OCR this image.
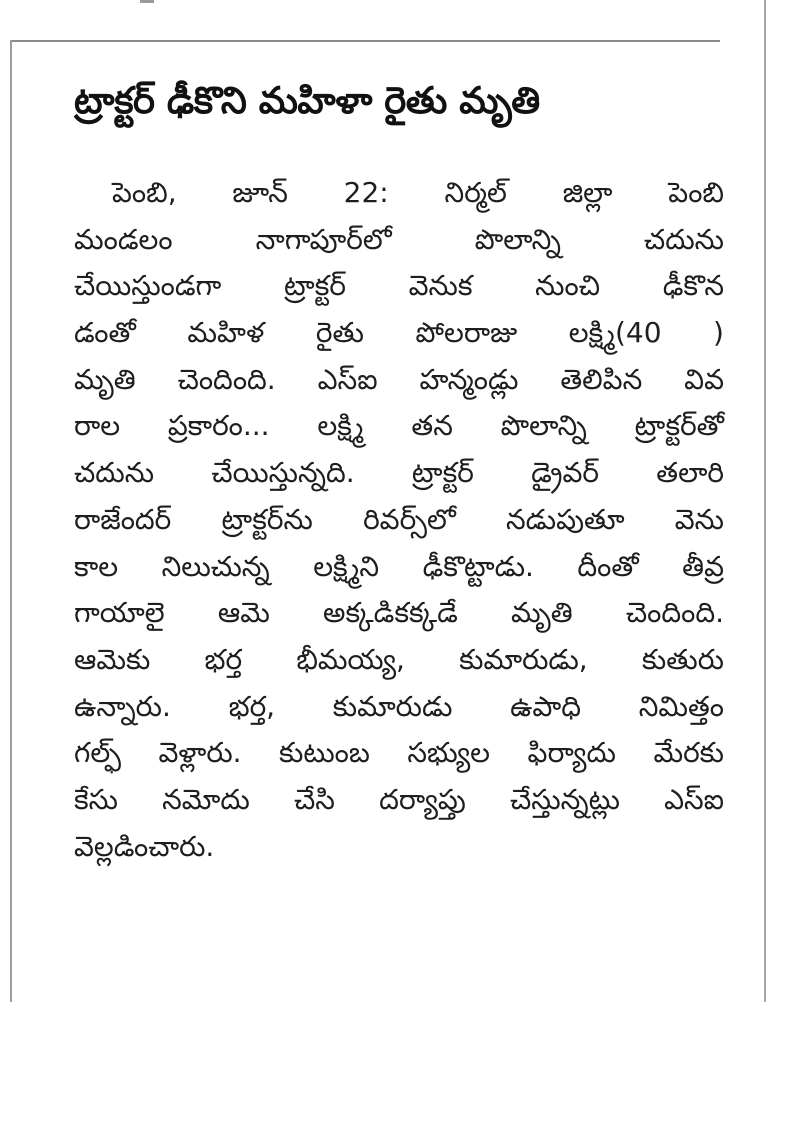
ట్రాక్టర్ ఢీకొని మహిళా రైతు మృతి
పెంబి, జూన్ 22: నిర్మల్ జిల్లా పెంబి
మండలం నాగాపూర్‌లో పొలాన్ని చదును
చేయిస్తుండగా ట్రాక్టర్ వెనుక నుంచి ఢీకొన
డంతో మహిళ రైతు పోలరాజు లక్ష్మి(40 )
మృతి చెందింది. ఎస్ఐ హన్మండ్లు తెలిపిన వివ
రాల ప్రకారం... లక్ష్మి తన పొలాన్ని ట్రాక్టర్‌తో
చదును చేయిస్తున్నది. ట్రాక్టర్ డ్రైవర్ తలారి
రాజేందర్ ట్రాక్టర్‌ను రివర్స్‌లో నడుపుతూ వెను
కాల నిలుచున్న లక్ష్మిని ఢీకొట్టాడు. దీంతో తీవ్ర
గాయాలై ఆమె అక్కడికక్కడే మృతి చెందింది.
ఆమెకు భర్త భీమయ్య, కుమారుడు, కుతురు
ఉన్నారు. భర్త, కుమారుడు ఉపాధి నిమిత్తం
గల్ఫ్ వెళ్లారు. కుటుంబ సభ్యుల ఫిర్యాదు మేరకు
కేసు నమోదు చేసి దర్యాప్తు చేస్తున్నట్లు ఎస్ఐ
వెల్లడించారు.
